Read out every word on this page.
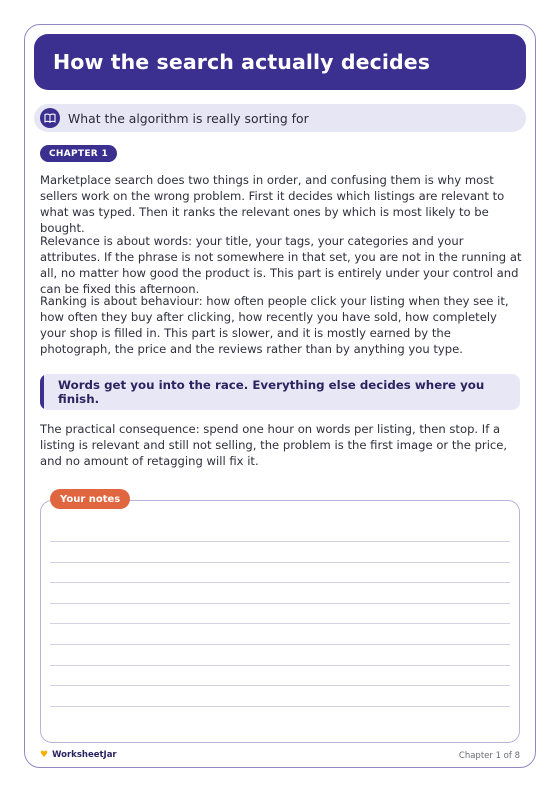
How the search actually decides
What the algorithm is really sorting for
CHAPTER 1

Marketplace search does two things in order, and confusing them is why most sellers work on the wrong problem. First it decides which listings are relevant to what was typed. Then it ranks the relevant ones by which is most likely to be bought.

Relevance is about words: your title, your tags, your categories and your attributes. If the phrase is not somewhere in that set, you are not in the running at all, no matter how good the product is. This part is entirely under your control and can be fixed this afternoon.

Ranking is about behaviour: how often people click your listing when they see it, how often they buy after clicking, how recently you have sold, how completely your shop is filled in. This part is slower, and it is mostly earned by the photograph, the price and the reviews rather than by anything you type.

Words get you into the race. Everything else decides where you finish.

The practical consequence: spend one hour on words per listing, then stop. If a listing is relevant and still not selling, the problem is the first image or the price, and no amount of retagging will fix it.

Your notes
♥ WorksheetJar	Chapter 1 of 8
